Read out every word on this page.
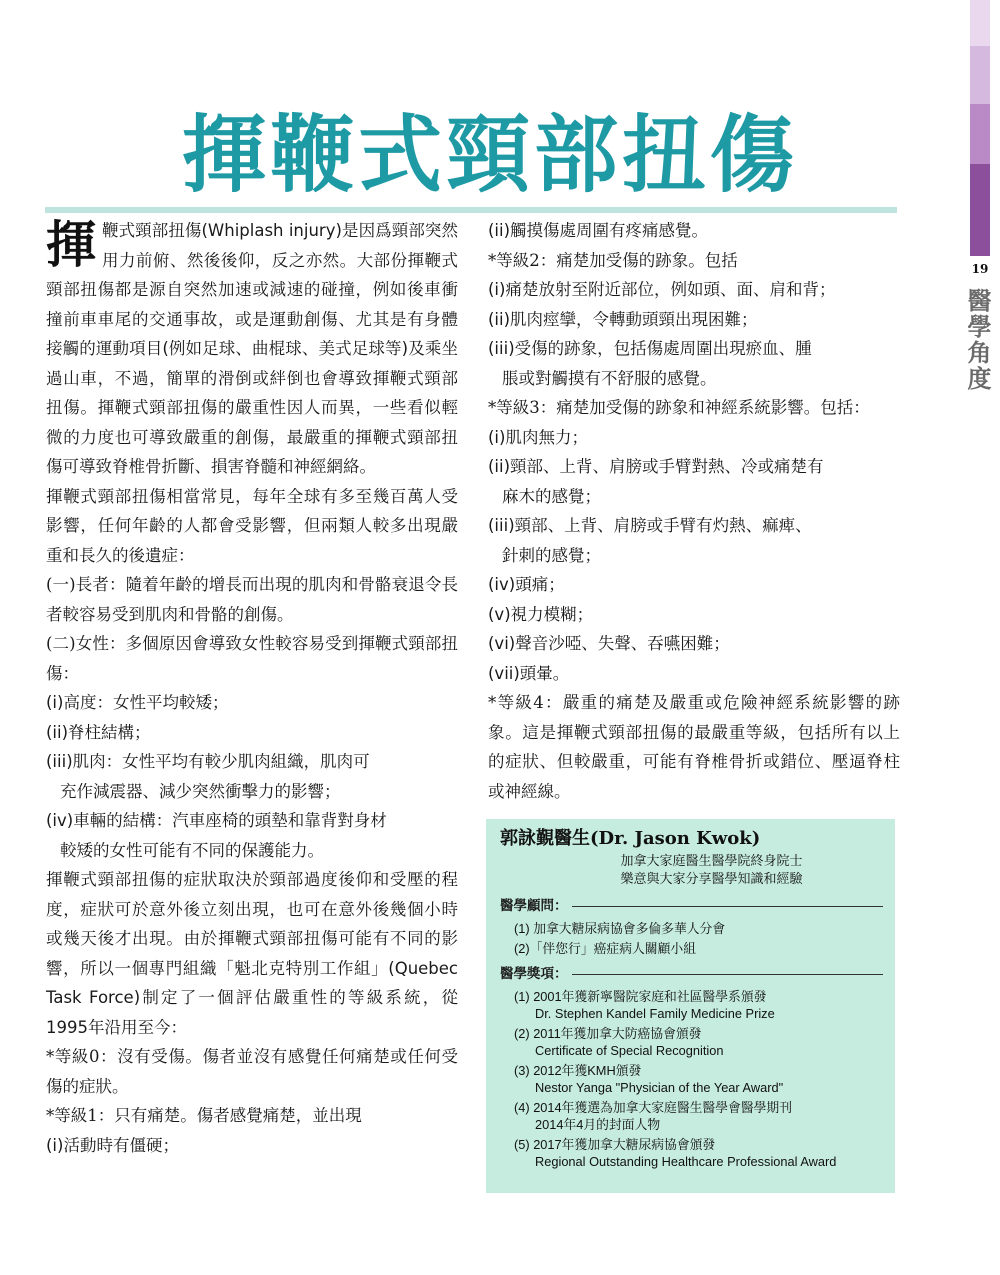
19
醫學角度
揮鞭式頸部扭傷

揮鞭式頸部扭傷(Whiplash injury)是因爲頸部突然用力前俯、然後後仰，反之亦然。大部份揮鞭式頸部扭傷都是源自突然加速或減速的碰撞，例如後車衝撞前車車尾的交通事故，或是運動創傷、尤其是有身體接觸的運動項目(例如足球、曲棍球、美式足球等)及乘坐過山車，不過，簡單的滑倒或絆倒也會導致揮鞭式頸部扭傷。揮鞭式頸部扭傷的嚴重性因人而異，一些看似輕微的力度也可導致嚴重的創傷，最嚴重的揮鞭式頸部扭傷可導致脊椎骨折斷、損害脊髓和神經網絡。

揮鞭式頸部扭傷相當常見，每年全球有多至幾百萬人受影響，任何年齡的人都會受影響，但兩類人較多出現嚴重和長久的後遺症：

(一)長者：隨着年齡的增長而出現的肌肉和骨骼衰退令長者較容易受到肌肉和骨骼的創傷。

(二)女性：多個原因會導致女性較容易受到揮鞭式頸部扭傷：

(i)高度：女性平均較矮；

(ii)脊柱結構；

(iii)肌肉：女性平均有較少肌肉組織，肌肉可

充作減震器、減少突然衝擊力的影響；

(iv)車輛的結構：汽車座椅的頭墊和靠背對身材

較矮的女性可能有不同的保護能力。

揮鞭式頸部扭傷的症狀取決於頸部過度後仰和受壓的程度，症狀可於意外後立刻出現，也可在意外後幾個小時或幾天後才出現。由於揮鞭式頸部扭傷可能有不同的影響，所以一個專門組織「魁北克特別工作組」(Quebec Task Force)制定了一個評估嚴重性的等級系統，從1995年沿用至今：

*等級0：沒有受傷。傷者並沒有感覺任何痛楚或任何受傷的症狀。

*等級1：只有痛楚。傷者感覺痛楚，並出現

(i)活動時有僵硬；

(ii)觸摸傷處周圍有疼痛感覺。

*等級2：痛楚加受傷的跡象。包括

(i)痛楚放射至附近部位，例如頭、面、肩和背；

(ii)肌肉痙攣，令轉動頭頸出現困難；

(iii)受傷的跡象，包括傷處周圍出現瘀血、腫

脹或對觸摸有不舒服的感覺。

*等級3：痛楚加受傷的跡象和神經系統影響。包括：

(i)肌肉無力；

(ii)頸部、上背、肩膀或手臂對熱、冷或痛楚有

麻木的感覺；

(iii)頸部、上背、肩膀或手臂有灼熱、痲痺、

針刺的感覺；

(iv)頭痛；

(v)視力模糊；

(vi)聲音沙啞、失聲、吞嚥困難；

(vii)頭暈。

*等級4：嚴重的痛楚及嚴重或危險神經系統影響的跡象。這是揮鞭式頸部扭傷的最嚴重等級，包括所有以上的症狀、但較嚴重，可能有脊椎骨折或錯位、壓逼脊柱或神經線。

郭詠覲醫生(Dr. Jason Kwok)
加拿大家庭醫生醫學院終身院士
樂意與大家分享醫學知識和經驗
醫學顧問：
(1) 加拿大糖尿病協會多倫多華人分會
(2)「伴您行」癌症病人關顧小組
醫學獎項：
(1) 2001年獲新寧醫院家庭和社區醫學系頒發
Dr. Stephen Kandel Family Medicine Prize
(2) 2011年獲加拿大防癌協會頒發
Certificate of Special Recognition
(3) 2012年獲KMH頒發
Nestor Yanga "Physician of the Year Award"
(4) 2014年獲選為加拿大家庭醫生醫學會醫學期刊
2014年4月的封面人物
(5) 2017年獲加拿大糖尿病協會頒發
Regional Outstanding Healthcare Professional Award
